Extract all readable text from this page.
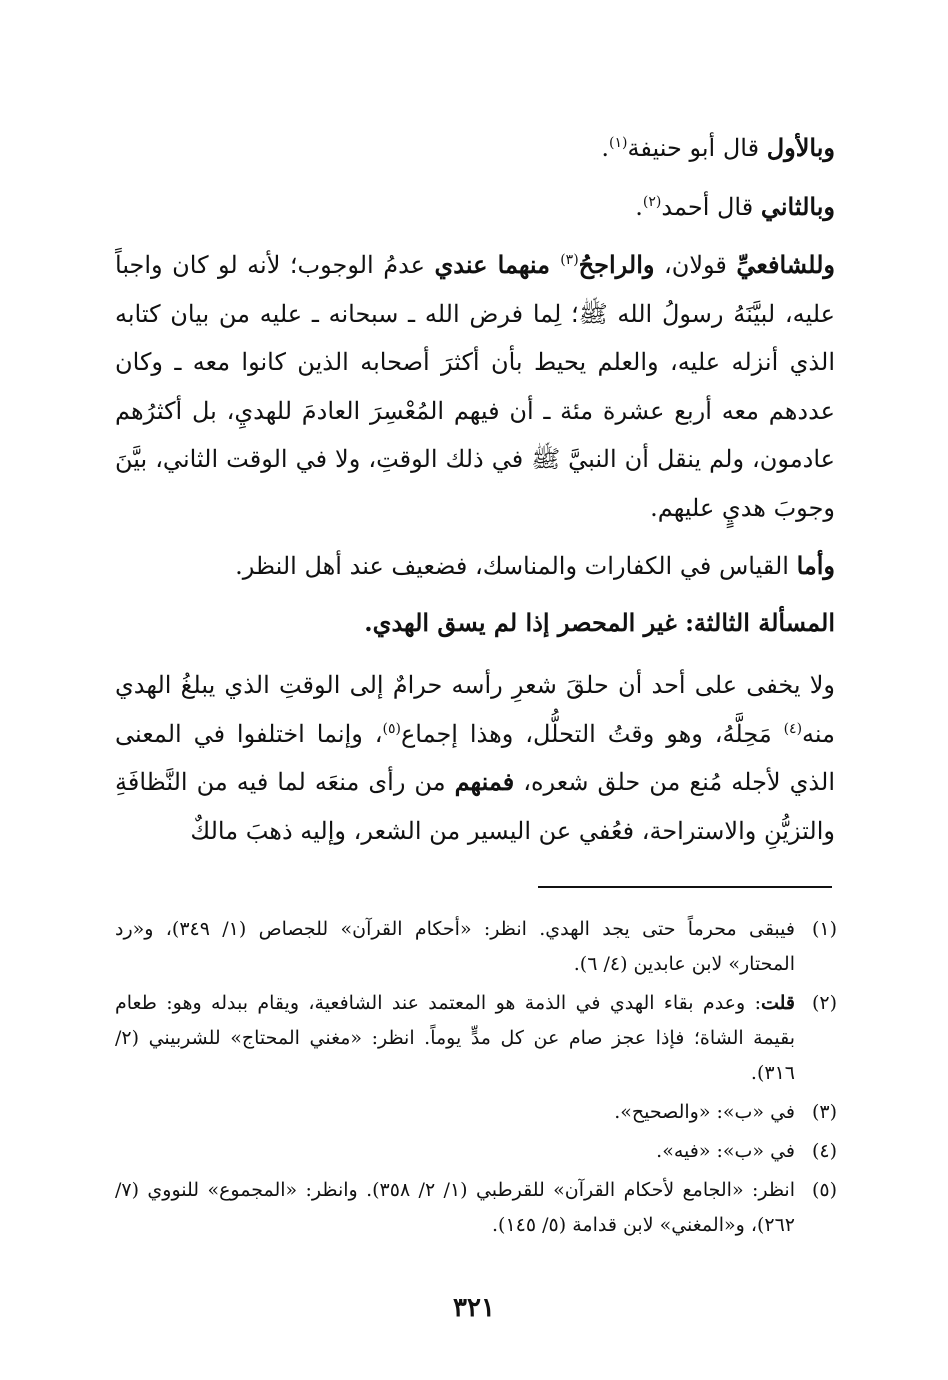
وبالأول قال أبو حنيفة$^{(١)}$.

وبالثاني قال أحمد$^{(٢)}$.

وللشافعيِّ قولان، والراجحُ$^{(٣)}$ منهما عندي عدمُ الوجوب؛ لأنه لو كان واجباً عليه، لبيَّنَهُ رسولُ الله ﷺ؛ لِما فرض الله ـ سبحانه ـ عليه من بيان كتابه الذي أنزله عليه، والعلم يحيط بأن أكثرَ أصحابه الذين كانوا معه ـ وكان عددهم معه أربع عشرة مئة ـ أن فيهم المُعْسِرَ العادمَ للهديِ، بل أكثرُهم عادمون، ولم ينقل أن النبيَّ ﷺ في ذلك الوقتِ، ولا في الوقت الثاني، بيَّنَ وجوبَ هديٍ عليهم.

وأما القياس في الكفارات والمناسك، فضعيف عند أهل النظر.

المسألة الثالثة: غير المحصر إذا لم يسق الهدي.

ولا يخفى على أحد أن حلقَ شعرِ رأسه حرامٌ إلى الوقتِ الذي يبلغُ الهدي منه$^{(٤)}$ مَحِلَّهُ، وهو وقتُ التحلُّل، وهذا إجماع$^{(٥)}$، وإنما اختلفوا في المعنى الذي لأجله مُنع من حلق شعره، فمنهم من رأى منعَه لما فيه من النَّظافَةِ والتزيُّنِ والاستراحة، فعُفي عن اليسير من الشعر، وإليه ذهبَ مالكٌ

(١)
فيبقى محرماً حتى يجد الهدي. انظر: «أحكام القرآن» للجصاص (١/ ٣٤٩)، و«رد المحتار» لابن عابدين (٤/ ٦).
(٢)
قلت: وعدم بقاء الهدي في الذمة هو المعتمد عند الشافعية، ويقام ببدله وهو: طعام بقيمة الشاة؛ فإذا عجز صام عن كل مدٍّ يوماً. انظر: «مغني المحتاج» للشربيني (٢/ ٣١٦).
(٣)
في «ب»: «والصحيح».
(٤)
في «ب»: «فيه».
(٥)
انظر: «الجامع لأحكام القرآن» للقرطبي (١/ ٢/ ٣٥٨). وانظر: «المجموع» للنووي (٧/ ٢٦٢)، و«المغني» لابن قدامة (٥/ ١٤٥).
٣٢١
